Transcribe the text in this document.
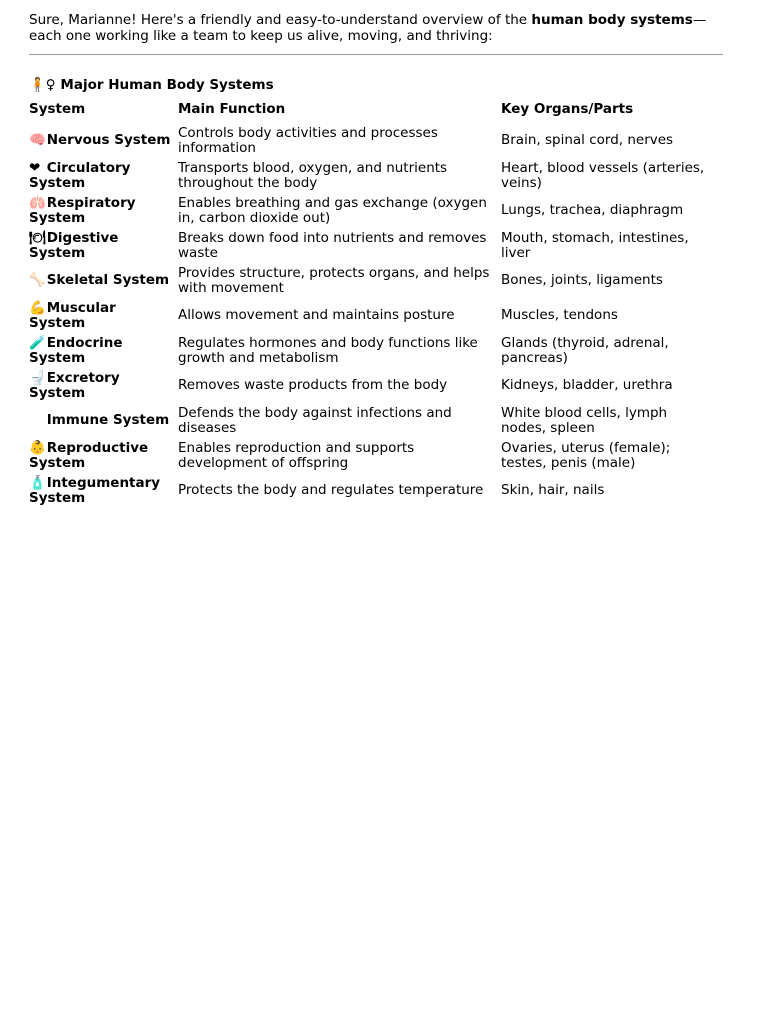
Sure, Marianne! Here's a friendly and easy-to-understand overview of the human body systems—each one working like a team to keep us alive, moving, and thriving:

🧍♀ Major Human Body Systems
System	Main Function	Key Organs/Parts
🧠 Nervous System	Controls body activities and processes information	Brain, spinal cord, nerves
❤ Circulatory System	Transports blood, oxygen, and nutrients throughout the body	Heart, blood vessels (arteries, veins)
🫁 Respiratory System	Enables breathing and gas exchange (oxygen in, carbon dioxide out)	Lungs, trachea, diaphragm
🍽 Digestive System	Breaks down food into nutrients and removes waste	Mouth, stomach, intestines, liver
🦴 Skeletal System	Provides structure, protects organs, and helps with movement	Bones, joints, ligaments
💪 Muscular System	Allows movement and maintains posture	Muscles, tendons
🧪 Endocrine System	Regulates hormones and body functions like growth and metabolism	Glands (thyroid, adrenal, pancreas)
🚽 Excretory System	Removes waste products from the body	Kidneys, bladder, urethra
Immune System	Defends the body against infections and diseases	White blood cells, lymph nodes, spleen
👶 Reproductive System	Enables reproduction and supports development of offspring	Ovaries, uterus (female); testes, penis (male)
🧴 Integumentary System	Protects the body and regulates temperature	Skin, hair, nails
